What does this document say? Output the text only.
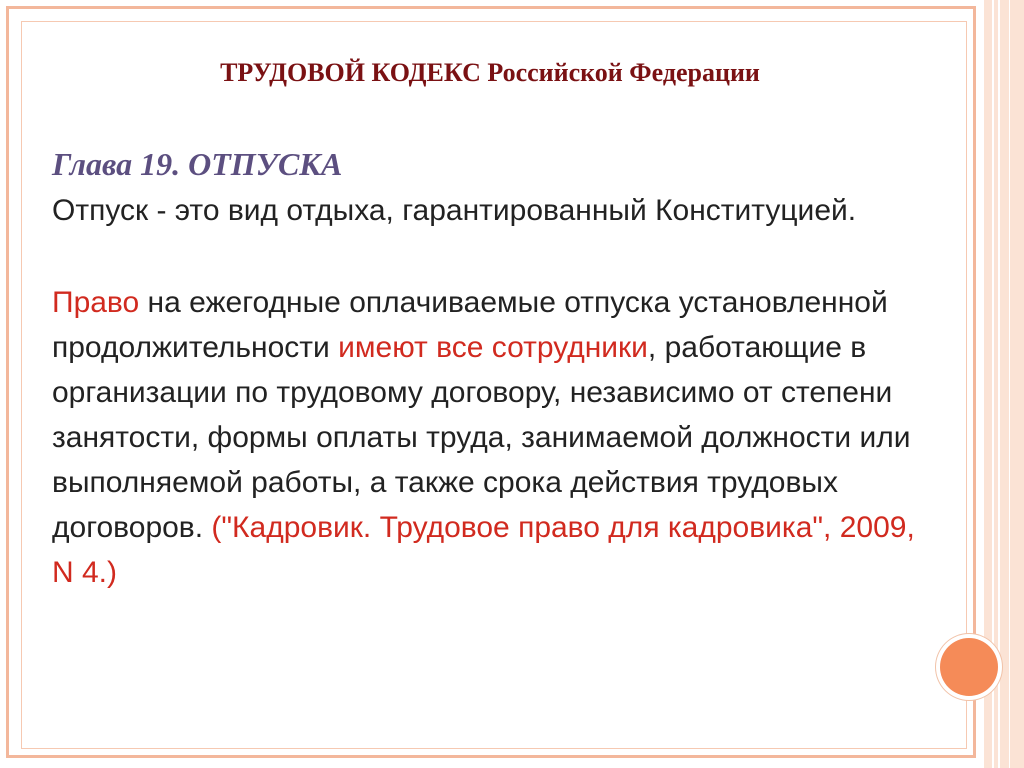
ТРУДОВОЙ КОДЕКС Российской Федерации
Глава 19. ОТПУСКА
Отпуск - это вид отдыха, гарантированный Конституцией.
Право на ежегодные оплачиваемые отпуска установленной продолжительности имеют все сотрудники, работающие в организации по трудовому договору, независимо от степени занятости, формы оплаты труда, занимаемой должности или выполняемой работы, а также срока действия трудовых договоров. ("Кадровик. Трудовое право для кадровика", 2009, N 4.)
